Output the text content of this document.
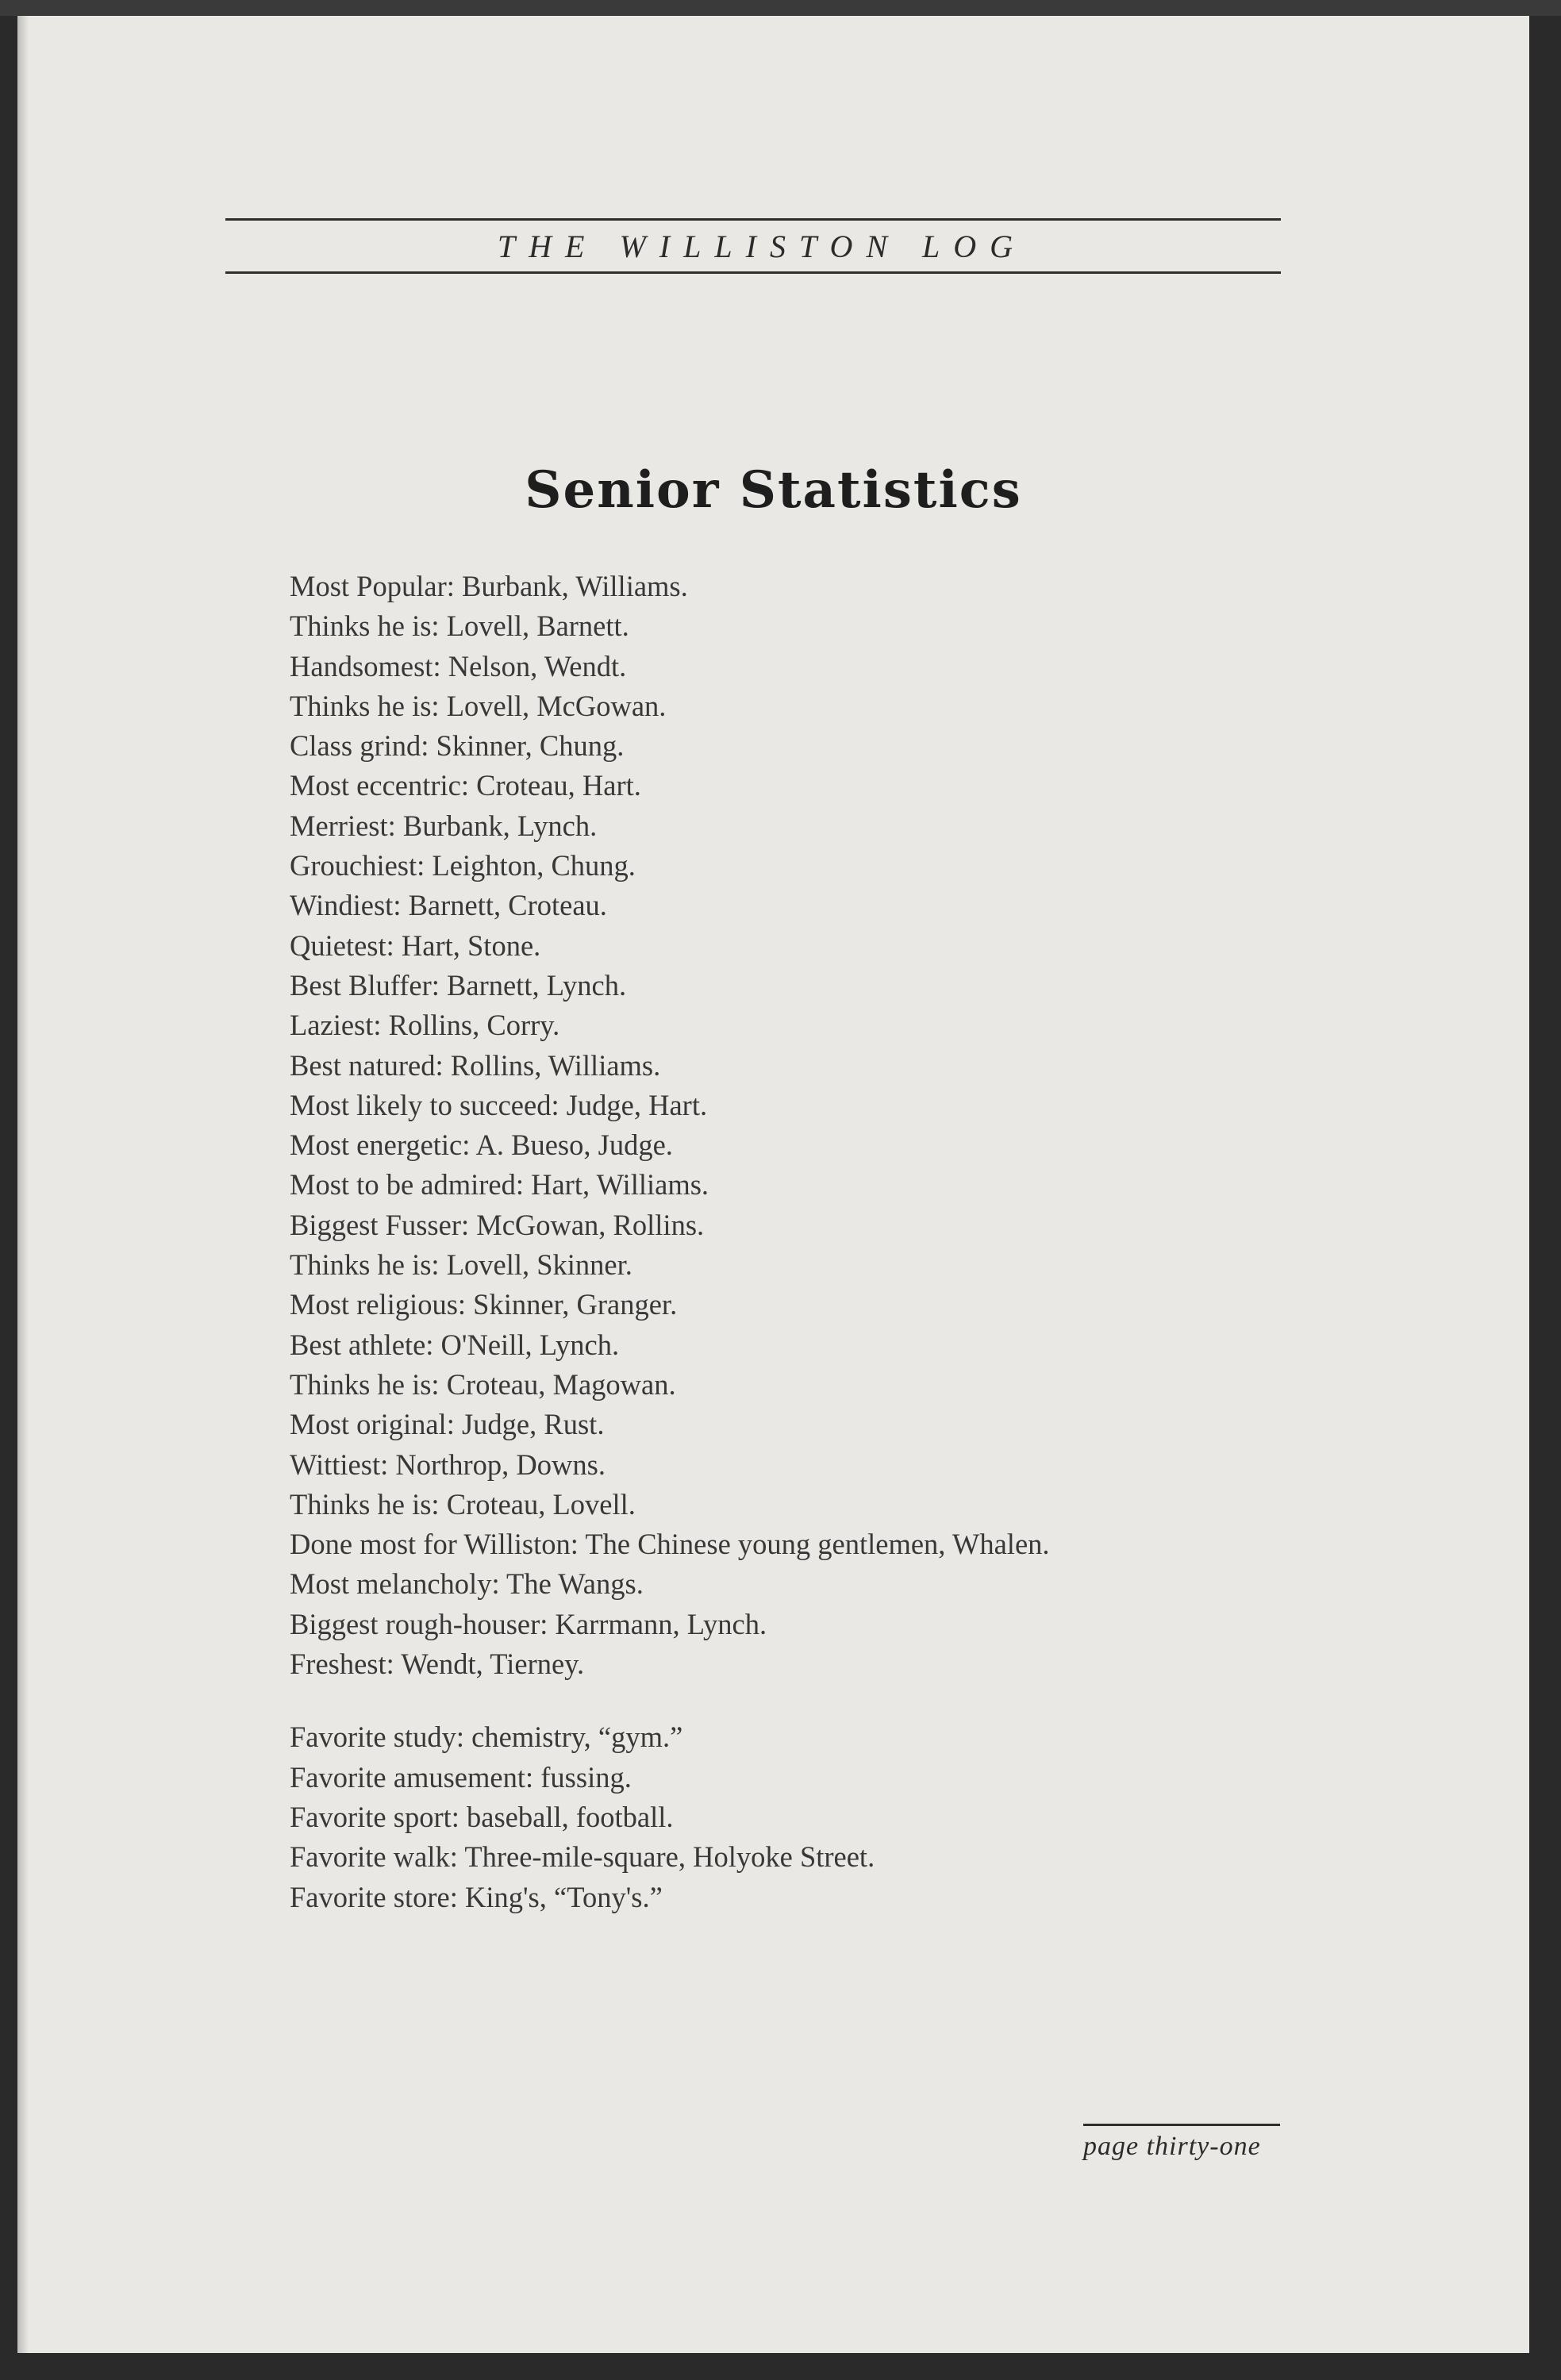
THE WILLISTON LOG
Senior Statistics
Most Popular: Burbank, Williams.
Thinks he is: Lovell, Barnett.
Handsomest: Nelson, Wendt.
Thinks he is: Lovell, McGowan.
Class grind: Skinner, Chung.
Most eccentric: Croteau, Hart.
Merriest: Burbank, Lynch.
Grouchiest: Leighton, Chung.
Windiest: Barnett, Croteau.
Quietest: Hart, Stone.
Best Bluffer: Barnett, Lynch.
Laziest: Rollins, Corry.
Best natured: Rollins, Williams.
Most likely to succeed: Judge, Hart.
Most energetic: A. Bueso, Judge.
Most to be admired: Hart, Williams.
Biggest Fusser: McGowan, Rollins.
Thinks he is: Lovell, Skinner.
Most religious: Skinner, Granger.
Best athlete: O'Neill, Lynch.
Thinks he is: Croteau, Magowan.
Most original: Judge, Rust.
Wittiest: Northrop, Downs.
Thinks he is: Croteau, Lovell.
Done most for Williston: The Chinese young gentlemen, Whalen.
Most melancholy: The Wangs.
Biggest rough-houser: Karrmann, Lynch.
Freshest: Wendt, Tierney.
Favorite study: chemistry, “gym.”
Favorite amusement: fussing.
Favorite sport: baseball, football.
Favorite walk: Three-mile-square, Holyoke Street.
Favorite store: King's, “Tony's.”
page thirty-one
